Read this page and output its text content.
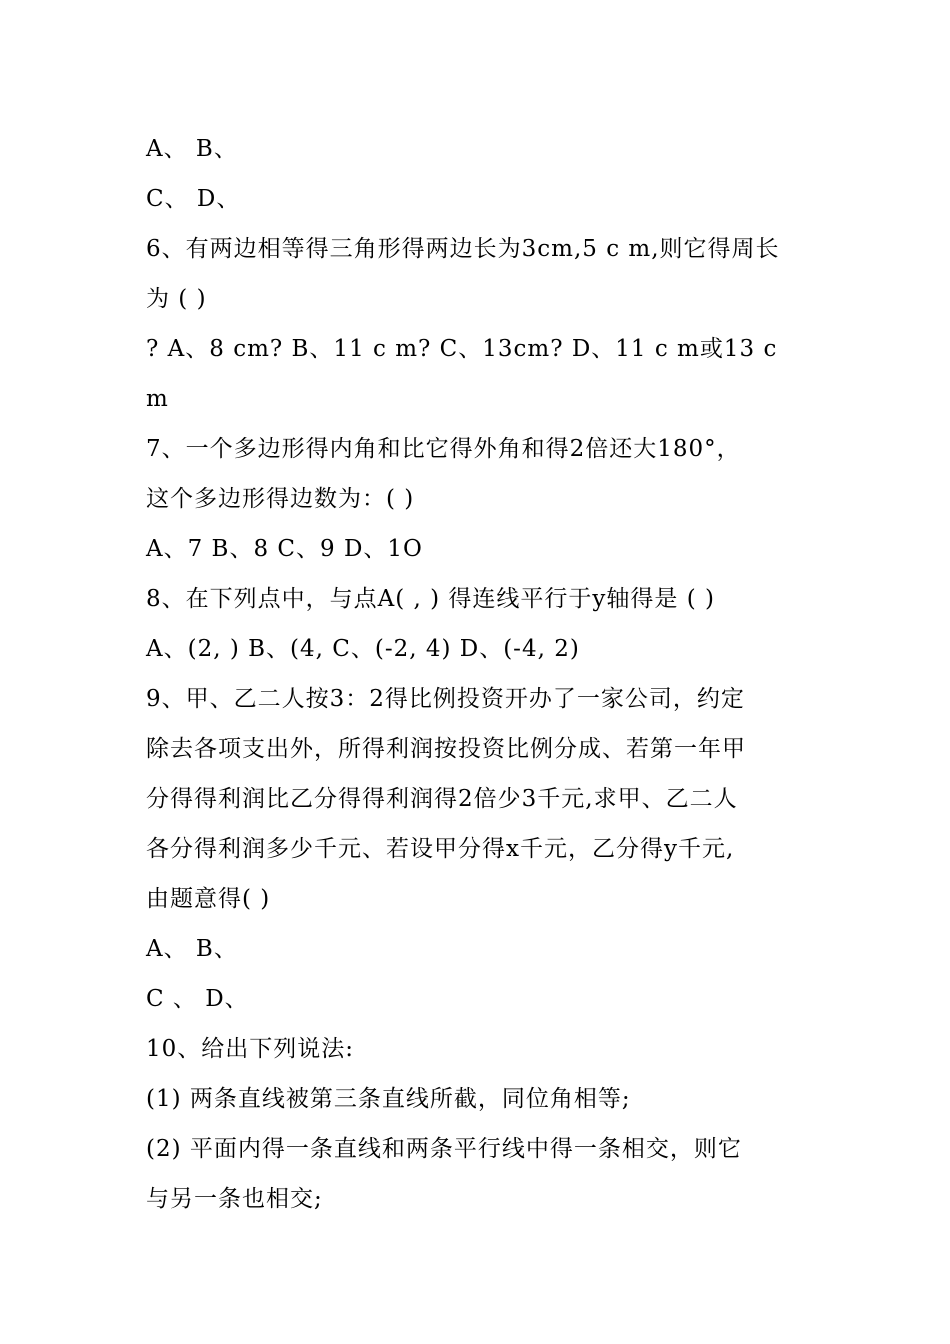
A、 B、
C、 D、
6、有两边相等得三角形得两边长为3cm,5 c m,则它得周长
为 ( )
? A、8 cm? B、11 c m? C、13cm? D、11 c m或13 c
m
7、一个多边形得内角和比它得外角和得2倍还大180°，
这个多边形得边数为：( )
A、7 B、8 C、9 D、1O
8、在下列点中，与点A( , ) 得连线平行于y轴得是 ( )
A、(2, ) B、(4, C、(-2, 4) D、(-4, 2)
9、甲、乙二人按3：2得比例投资开办了一家公司，约定
除去各项支出外，所得利润按投资比例分成、若第一年甲
分得得利润比乙分得得利润得2倍少3千元,求甲、乙二人
各分得利润多少千元、若设甲分得x千元，乙分得y千元,
由题意得( )
A、 B、
C 、 D、
10、给出下列说法:
(1) 两条直线被第三条直线所截，同位角相等;
(2) 平面内得一条直线和两条平行线中得一条相交，则它
与另一条也相交;
